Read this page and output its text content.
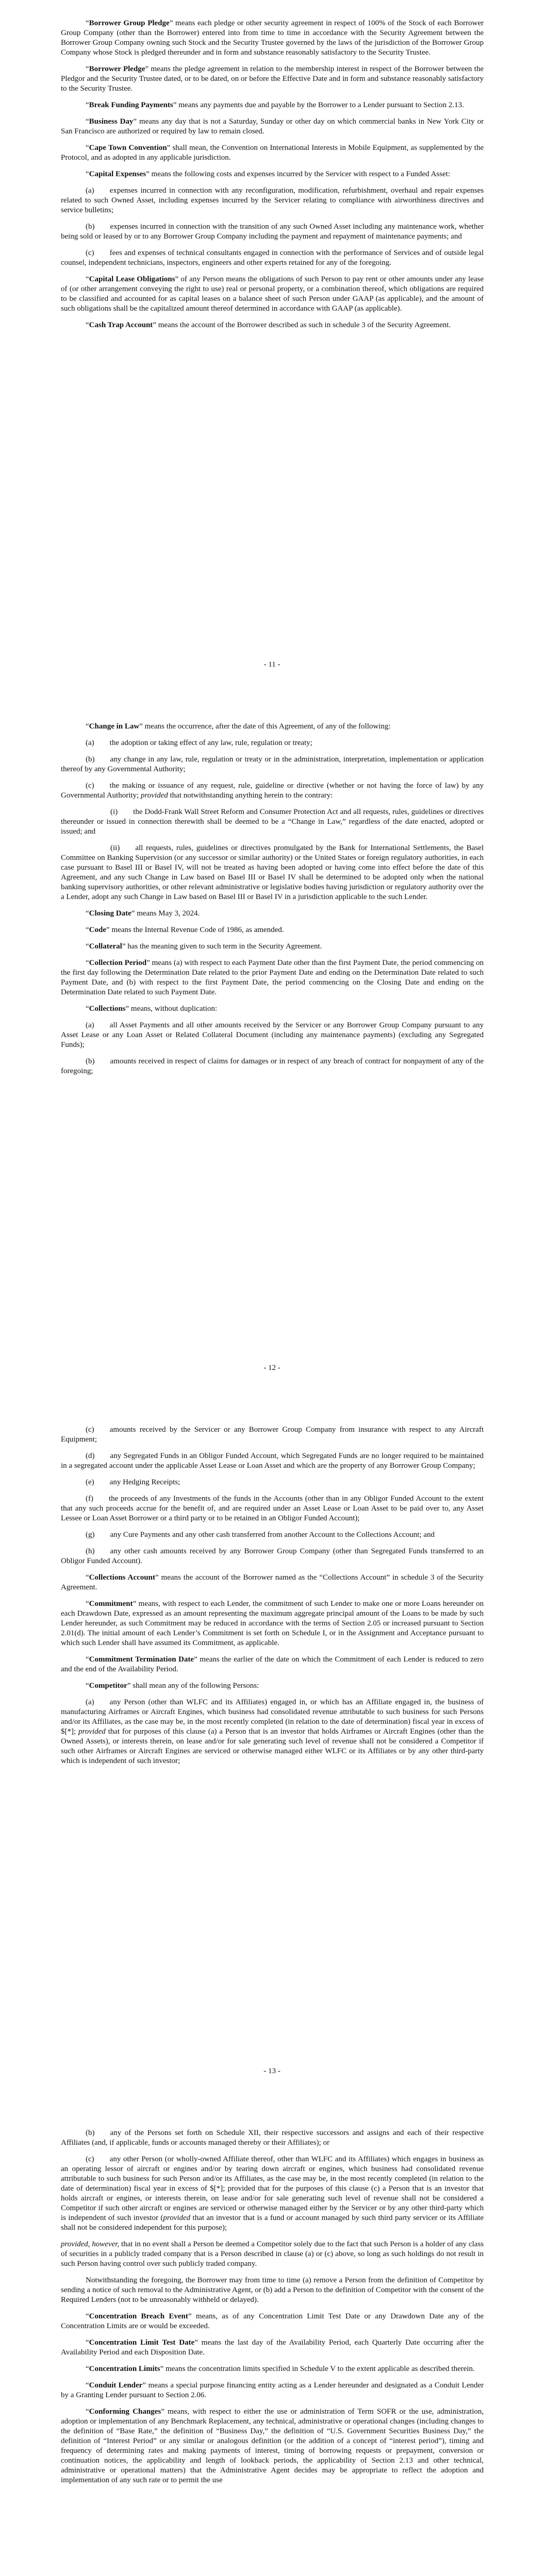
“Borrower Group Pledge” means each pledge or other security agreement in respect of 100% of the Stock of each Borrower Group Company (other than the Borrower) entered into from time to time in accordance with the Security Agreement between the Borrower Group Company owning such Stock and the Security Trustee governed by the laws of the jurisdiction of the Borrower Group Company whose Stock is pledged thereunder and in form and substance reasonably satisfactory to the Security Trustee.

“Borrower Pledge” means the pledge agreement in relation to the membership interest in respect of the Borrower between the Pledgor and the Security Trustee dated, or to be dated, on or before the Effective Date and in form and substance reasonably satisfactory to the Security Trustee.

“Break Funding Payments” means any payments due and payable by the Borrower to a Lender pursuant to Section 2.13.

“Business Day” means any day that is not a Saturday, Sunday or other day on which commercial banks in New York City or San Francisco are authorized or required by law to remain closed.

“Cape Town Convention” shall mean, the Convention on International Interests in Mobile Equipment, as supplemented by the Protocol, and as adopted in any applicable jurisdiction.

“Capital Expenses” means the following costs and expenses incurred by the Servicer with respect to a Funded Asset:

(a)   expenses incurred in connection with any reconfiguration, modification, refurbishment, overhaul and repair expenses related to such Owned Asset, including expenses incurred by the Servicer relating to compliance with airworthiness directives and service bulletins;

(b)   expenses incurred in connection with the transition of any such Owned Asset including any maintenance work, whether being sold or leased by or to any Borrower Group Company including the payment and repayment of maintenance payments; and

(c)   fees and expenses of technical consultants engaged in connection with the performance of Services and of outside legal counsel, independent technicians, inspectors, engineers and other experts retained for any of the foregoing.

“Capital Lease Obligations” of any Person means the obligations of such Person to pay rent or other amounts under any lease of (or other arrangement conveying the right to use) real or personal property, or a combination thereof, which obligations are required to be classified and accounted for as capital leases on a balance sheet of such Person under GAAP (as applicable), and the amount of such obligations shall be the capitalized amount thereof determined in accordance with GAAP (as applicable).

“Cash Trap Account” means the account of the Borrower described as such in schedule 3 of the Security Agreement.

- 11 -

“Change in Law” means the occurrence, after the date of this Agreement, of any of the following:

(a)   the adoption or taking effect of any law, rule, regulation or treaty;

(b)   any change in any law, rule, regulation or treaty or in the administration, interpretation, implementation or application thereof by any Governmental Authority;

(c)   the making or issuance of any request, rule, guideline or directive (whether or not having the force of law) by any Governmental Authority; provided that notwithstanding anything herein to the contrary:

(i)   the Dodd-Frank Wall Street Reform and Consumer Protection Act and all requests, rules, guidelines or directives thereunder or issued in connection therewith shall be deemed to be a “Change in Law,” regardless of the date enacted, adopted or issued; and

(ii)   all requests, rules, guidelines or directives promulgated by the Bank for International Settlements, the Basel Committee on Banking Supervision (or any successor or similar authority) or the United States or foreign regulatory authorities, in each case pursuant to Basel III or Basel IV, will not be treated as having been adopted or having come into effect before the date of this Agreement, and any such Change in Law based on Basel III or Basel IV shall be determined to be adopted only when the national banking supervisory authorities, or other relevant administrative or legislative bodies having jurisdiction or regulatory authority over the a Lender, adopt any such Change in Law based on Basel III or Basel IV in a jurisdiction applicable to the such Lender.

“Closing Date” means May 3, 2024.

“Code” means the Internal Revenue Code of 1986, as amended.

“Collateral” has the meaning given to such term in the Security Agreement.

“Collection Period” means (a) with respect to each Payment Date other than the first Payment Date, the period commencing on the first day following the Determination Date related to the prior Payment Date and ending on the Determination Date related to such Payment Date, and (b) with respect to the first Payment Date, the period commencing on the Closing Date and ending on the Determination Date related to such Payment Date.

“Collections” means, without duplication:

(a)   all Asset Payments and all other amounts received by the Servicer or any Borrower Group Company pursuant to any Asset Lease or any Loan Asset or Related Collateral Document (including any maintenance payments) (excluding any Segregated Funds);

(b)   amounts received in respect of claims for damages or in respect of any breach of contract for nonpayment of any of the foregoing;

- 12 -

(c)   amounts received by the Servicer or any Borrower Group Company from insurance with respect to any Aircraft Equipment;

(d)   any Segregated Funds in an Obligor Funded Account, which Segregated Funds are no longer required to be maintained in a segregated account under the applicable Asset Lease or Loan Asset and which are the property of any Borrower Group Company;

(e)   any Hedging Receipts;

(f)   the proceeds of any Investments of the funds in the Accounts (other than in any Obligor Funded Account to the extent that any such proceeds accrue for the benefit of, and are required under an Asset Lease or Loan Asset to be paid over to, any Asset Lessee or Loan Asset Borrower or a third party or to be retained in an Obligor Funded Account);

(g)   any Cure Payments and any other cash transferred from another Account to the Collections Account; and

(h)   any other cash amounts received by any Borrower Group Company (other than Segregated Funds transferred to an Obligor Funded Account).

“Collections Account” means the account of the Borrower named as the “Collections Account” in schedule 3 of the Security Agreement.

“Commitment” means, with respect to each Lender, the commitment of such Lender to make one or more Loans hereunder on each Drawdown Date, expressed as an amount representing the maximum aggregate principal amount of the Loans to be made by such Lender hereunder, as such Commitment may be reduced in accordance with the terms of Section 2.05 or increased pursuant to Section 2.01(d). The initial amount of each Lender’s Commitment is set forth on Schedule I, or in the Assignment and Acceptance pursuant to which such Lender shall have assumed its Commitment, as applicable.

“Commitment Termination Date” means the earlier of the date on which the Commitment of each Lender is reduced to zero and the end of the Availability Period.

“Competitor” shall mean any of the following Persons:

(a)   any Person (other than WLFC and its Affiliates) engaged in, or which has an Affiliate engaged in, the business of manufacturing Airframes or Aircraft Engines, which business had consolidated revenue attributable to such business for such Persons and/or its Affiliates, as the case may be, in the most recently completed (in relation to the date of determination) fiscal year in excess of $[*]; provided that for purposes of this clause (a) a Person that is an investor that holds Airframes or Aircraft Engines (other than the Owned Assets), or interests therein, on lease and/or for sale generating such level of revenue shall not be considered a Competitor if such other Airframes or Aircraft Engines are serviced or otherwise managed either WLFC or its Affiliates or by any other third-party which is independent of such investor;

- 13 -

(b)   any of the Persons set forth on Schedule XII, their respective successors and assigns and each of their respective Affiliates (and, if applicable, funds or accounts managed thereby or their Affiliates); or

(c)   any other Person (or wholly-owned Affiliate thereof, other than WLFC and its Affiliates) which engages in business as an operating lessor of aircraft or engines and/or by tearing down aircraft or engines, which business had consolidated revenue attributable to such business for such Person and/or its Affiliates, as the case may be, in the most recently completed (in relation to the date of determination) fiscal year in excess of $[*]; provided that for the purposes of this clause (c) a Person that is an investor that holds aircraft or engines, or interests therein, on lease and/or for sale generating such level of revenue shall not be considered a Competitor if such other aircraft or engines are serviced or otherwise managed either by the Servicer or by any other third-party which is independent of such investor (provided that an investor that is a fund or account managed by such third party servicer or its Affiliate shall not be considered independent for this purpose);

provided, however, that in no event shall a Person be deemed a Competitor solely due to the fact that such Person is a holder of any class of securities in a publicly traded company that is a Person described in clause (a) or (c) above, so long as such holdings do not result in such Person having control over such publicly traded company.

Notwithstanding the foregoing, the Borrower may from time to time (a) remove a Person from the definition of Competitor by sending a notice of such removal to the Administrative Agent, or (b) add a Person to the definition of Competitor with the consent of the Required Lenders (not to be unreasonably withheld or delayed).

“Concentration Breach Event” means, as of any Concentration Limit Test Date or any Drawdown Date any of the Concentration Limits are or would be exceeded.

“Concentration Limit Test Date” means the last day of the Availability Period, each Quarterly Date occurring after the Availability Period and each Disposition Date.

“Concentration Limits” means the concentration limits specified in Schedule V to the extent applicable as described therein.

“Conduit Lender” means a special purpose financing entity acting as a Lender hereunder and designated as a Conduit Lender by a Granting Lender pursuant to Section 2.06.

“Conforming Changes” means, with respect to either the use or administration of Term SOFR or the use, administration, adoption or implementation of any Benchmark Replacement, any technical, administrative or operational changes (including changes to the definition of “Base Rate,” the definition of “Business Day,” the definition of “U.S. Government Securities Business Day,” the definition of “Interest Period” or any similar or analogous definition (or the addition of a concept of “interest period”), timing and frequency of determining rates and making payments of interest, timing of borrowing requests or prepayment, conversion or continuation notices, the applicability and length of lookback periods, the applicability of Section 2.13 and other technical, administrative or operational matters) that the Administrative Agent decides may be appropriate to reflect the adoption and implementation of any such rate or to permit the use
